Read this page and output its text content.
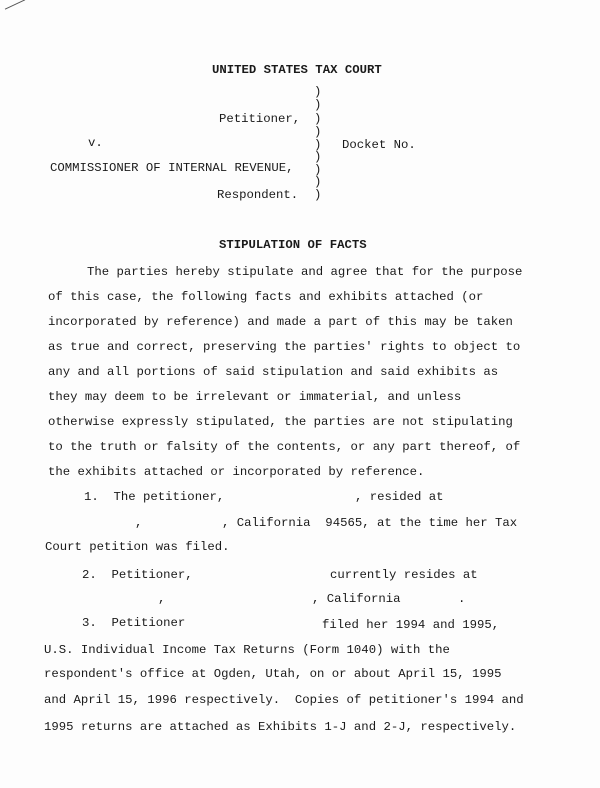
UNITED STATES TAX COURT
)
)
Petitioner, )
)
v.	) Docket No.
)
COMMISSIONER OF INTERNAL REVENUE, )
)
Respondent. )
STIPULATION OF FACTS
The parties hereby stipulate and agree that for the purpose
of this case, the following facts and exhibits attached (or
incorporated by reference) and made a part of this may be taken
as true and correct, preserving the parties' rights to object to
any and all portions of said stipulation and said exhibits as
they may deem to be irrelevant or immaterial, and unless
otherwise expressly stipulated, the parties are not stipulating
to the truth or falsity of the contents, or any part thereof, of
the exhibits attached or incorporated by reference.
1.  The petitioner,	, resided at
,	, California  94565, at the time her Tax
Court petition was filed.
2.  Petitioner,	currently resides at
,	, California	.
3.  Petitioner	filed her 1994 and 1995,
U.S. Individual Income Tax Returns (Form 1040) with the
respondent's office at Ogden, Utah, on or about April 15, 1995
and April 15, 1996 respectively.  Copies of petitioner's 1994 and
1995 returns are attached as Exhibits 1-J and 2-J, respectively.
